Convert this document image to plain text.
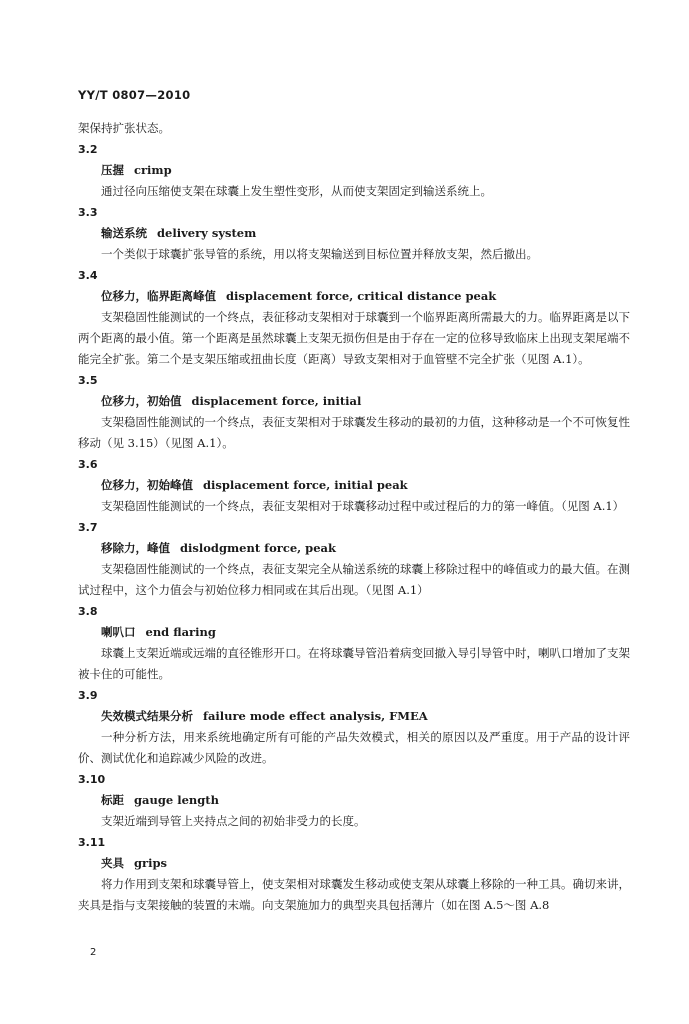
YY/T 0807—2010

架保持扩张状态。

3.2

压握 crimp

通过径向压缩使支架在球囊上发生塑性变形，从而使支架固定到输送系统上。

3.3

输送系统 delivery system

一个类似于球囊扩张导管的系统，用以将支架输送到目标位置并释放支架，然后撤出。

3.4

位移力，临界距离峰值 displacement force, critical distance peak

支架稳固性能测试的一个终点，表征移动支架相对于球囊到一个临界距离所需最大的力。临界距离是以下两个距离的最小值。第一个距离是虽然球囊上支架无损伤但是由于存在一定的位移导致临床上出现支架尾端不能完全扩张。第二个是支架压缩或扭曲长度（距离）导致支架相对于血管壁不完全扩张（见图 A.1）。

3.5

位移力，初始值 displacement force, initial

支架稳固性能测试的一个终点，表征支架相对于球囊发生移动的最初的力值，这种移动是一个不可恢复性移动（见 3.15）（见图 A.1）。

3.6

位移力，初始峰值 displacement force, initial peak

支架稳固性能测试的一个终点，表征支架相对于球囊移动过程中或过程后的力的第一峰值。（见图 A.1）

3.7

移除力，峰值 dislodgment force, peak

支架稳固性能测试的一个终点，表征支架完全从输送系统的球囊上移除过程中的峰值或力的最大值。在测试过程中，这个力值会与初始位移力相同或在其后出现。（见图 A.1）

3.8

喇叭口 end flaring

球囊上支架近端或远端的直径锥形开口。在将球囊导管沿着病变回撤入导引导管中时，喇叭口增加了支架被卡住的可能性。

3.9

失效模式结果分析 failure mode effect analysis, FMEA

一种分析方法，用来系统地确定所有可能的产品失效模式，相关的原因以及严重度。用于产品的设计评价、测试优化和追踪减少风险的改进。

3.10

标距 gauge length

支架近端到导管上夹持点之间的初始非受力的长度。

3.11

夹具 grips

将力作用到支架和球囊导管上，使支架相对球囊发生移动或使支架从球囊上移除的一种工具。确切来讲，夹具是指与支架接触的装置的末端。向支架施加力的典型夹具包括薄片（如在图 A.5～图 A.8

2
